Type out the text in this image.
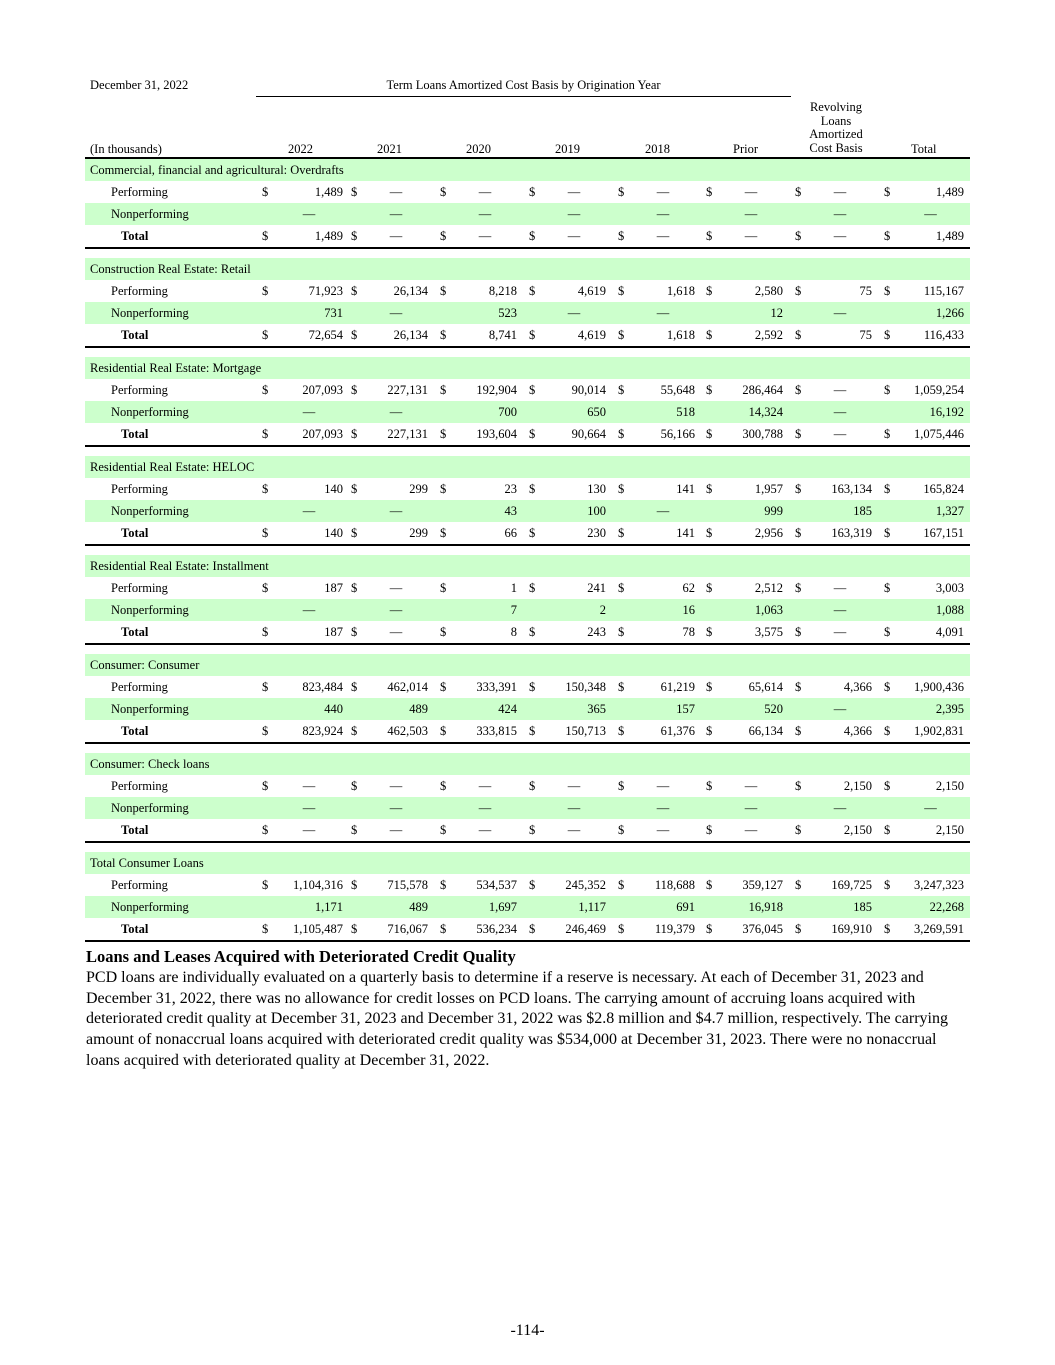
December 31, 2022	Term Loans Amortized Cost Basis by Origination Year
(In thousands)	2022	2021	2020	2019	2018	Prior
Revolving
Loans
Amortized
Cost Basis	Total
Commercial, financial and agricultural: Overdrafts
Performing	$	1,489 $	—	$	—	$	—	$	—	$	—	$	—	$	1,489
Nonperforming	—	—	—	—	—	—	—	—
Total	$	1,489 $	—	$	—	$	—	$	—	$	—	$	—	$	1,489
Construction Real Estate: Retail
Performing	$	71,923 $	26,134 $	8,218 $	4,619 $	1,618 $	2,580 $	75 $	115,167
Nonperforming	731	—	523	—	—	12	—	1,266
Total	$	72,654 $	26,134 $	8,741 $	4,619 $	1,618 $	2,592 $	75 $	116,433
Residential Real Estate: Mortgage
Performing	$	207,093 $	227,131 $	192,904 $	90,014 $	55,648 $	286,464 $	—	$	1,059,254
Nonperforming	—	—	700	650	518	14,324	—	16,192
Total	$	207,093 $	227,131 $	193,604 $	90,664 $	56,166 $	300,788 $	—	$	1,075,446
Residential Real Estate: HELOC
Performing	$	140 $	299 $	23 $	130 $	141 $	1,957 $	163,134 $	165,824
Nonperforming	—	—	43	100	—	999	185	1,327
Total	$	140 $	299 $	66 $	230 $	141 $	2,956 $	163,319 $	167,151
Residential Real Estate: Installment
Performing	$	187 $	—	$	1 $	241 $	62 $	2,512 $	—	$	3,003
Nonperforming	—	—	7	2	16	1,063	—	1,088
Total	$	187 $	—	$	8 $	243 $	78 $	3,575 $	—	$	4,091
Consumer: Consumer
Performing	$	823,484 $	462,014 $	333,391 $	150,348 $	61,219 $	65,614 $	4,366 $	1,900,436
Nonperforming	440	489	424	365	157	520	—	2,395
Total	$	823,924 $	462,503 $	333,815 $	150,713 $	61,376 $	66,134 $	4,366 $	1,902,831
Consumer: Check loans
Performing	$	—	$	—	$	—	$	—	$	—	$	—	$	2,150 $	2,150
Nonperforming	—	—	—	—	—	—	—	—
Total	$	—	$	—	$	—	$	—	$	—	$	—	$	2,150 $	2,150
Total Consumer Loans
Performing	$	1,104,316 $	715,578 $	534,537 $	245,352 $	118,688 $	359,127 $	169,725 $	3,247,323
Nonperforming	1,171	489	1,697	1,117	691	16,918	185	22,268
Total	$	1,105,487 $	716,067 $	536,234 $	246,469 $	119,379 $	376,045 $	169,910 $	3,269,591
Loans and Leases Acquired with Deteriorated Credit Quality
PCD loans are individually evaluated on a quarterly basis to determine if a reserve is necessary. At each of December 31, 2023 and December 31, 2022, there was no allowance for credit losses on PCD loans. The carrying amount of accruing loans acquired with deteriorated credit quality at December 31, 2023 and December 31, 2022 was $2.8 million and $4.7 million, respectively. The carrying amount of nonaccrual loans acquired with deteriorated credit quality was $534,000 at December 31, 2023. There were no nonaccrual loans acquired with deteriorated quality at December 31, 2022.
-114-
